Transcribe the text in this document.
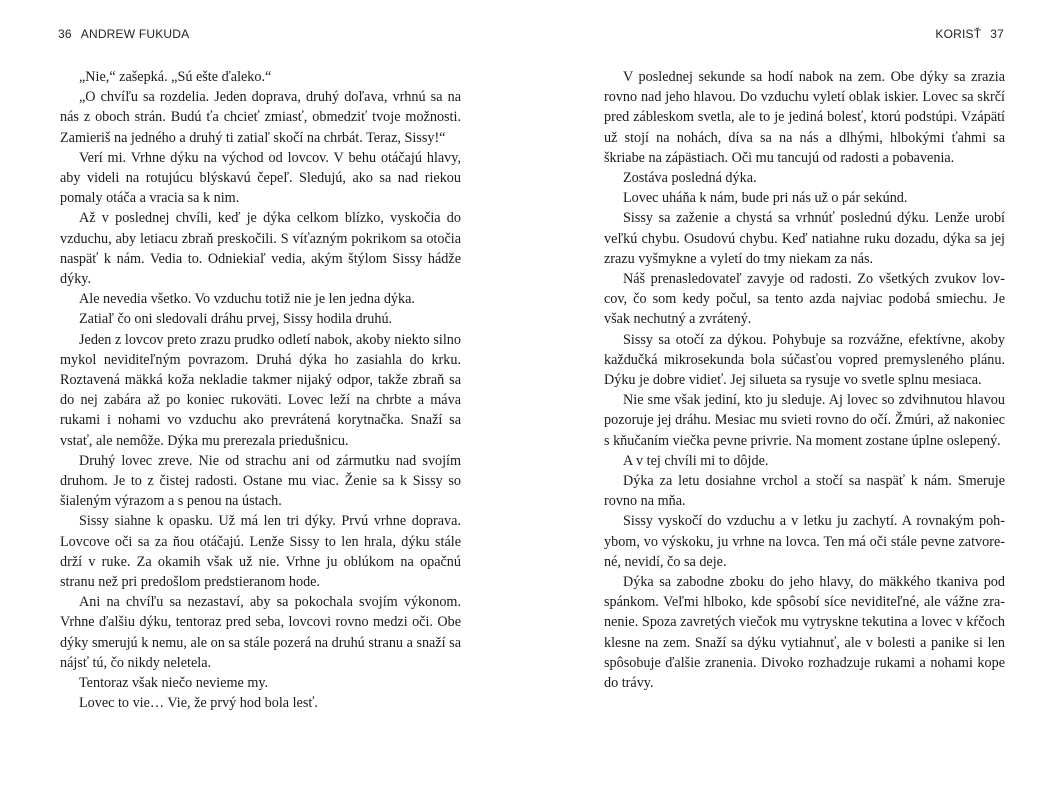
36 ANDREW FUKUDA	KORISŤ 37

„Nie,“ zašepká. „Sú ešte ďaleko.“

„O chvíľu sa rozdelia. Jeden doprava, druhý doľava, vrhnú sa na nás z oboch strán. Budú ťa chcieť zmiasť, obmedziť tvoje možnosti. Zamieriš na jedného a druhý ti zatiaľ skočí na chrbát. Teraz, Sissy!“

Verí mi. Vrhne dýku na východ od lovcov. V behu otáčajú hlavy, aby videli na rotujúcu blýskavú čepeľ. Sledujú, ako sa nad riekou pomaly otáča a vracia sa k nim.

Až v poslednej chvíli, keď je dýka celkom blízko, vyskočia do vzduchu, aby letiacu zbraň preskočili. S víťazným pokrikom sa otočia naspäť k nám. Vedia to. Odniekiaľ vedia, akým štýlom Sissy hádže dýky.

Ale nevedia všetko. Vo vzduchu totiž nie je len jedna dýka.

Zatiaľ čo oni sledovali dráhu prvej, Sissy hodila druhú.

Jeden z lovcov preto zrazu prudko odletí nabok, akoby niekto silno mykol neviditeľným povrazom. Druhá dýka ho zasiahla do krku. Roztavená mäkká koža nekladie takmer nijaký odpor, takže zbraň sa do nej zabára až po koniec rukoväti. Lovec leží na chrbte a máva rukami i nohami vo vzduchu ako prevrátená korytnačka. Snaží sa vstať, ale nemôže. Dýka mu prerezala priedušnicu.

Druhý lovec zreve. Nie od strachu ani od zármutku nad svojím druhom. Je to z čistej radosti. Ostane mu viac. Ženie sa k Sissy so šialeným výrazom a s penou na ústach.

Sissy siahne k opasku. Už má len tri dýky. Prvú vrhne doprava. Lovcove oči sa za ňou otáčajú. Lenže Sissy to len hrala, dýku stále drží v ruke. Za okamih však už nie. Vrhne ju oblúkom na opačnú stranu než pri predošlom predstieranom hode.

Ani na chvíľu sa nezastaví, aby sa pokochala svojím výkonom. Vrhne ďalšiu dýku, tentoraz pred seba, lovcovi rovno medzi oči. Obe dýky smerujú k nemu, ale on sa stále pozerá na druhú stranu a snaží sa nájsť tú, čo nikdy neletela.

Tentoraz však niečo nevieme my.

Lovec to vie… Vie, že prvý hod bola lesť.

V poslednej sekunde sa hodí nabok na zem. Obe dýky sa zrazia rovno nad jeho hlavou. Do vzduchu vyletí oblak iskier. Lovec sa skrčí pred zábleskom svetla, ale to je jediná bolesť, ktorú podstúpi. Vzápätí už stojí na nohách, díva sa na nás a dlhými, hlbokými ťahmi sa škriabe na zápästiach. Oči mu tancujú od radosti a pobavenia.

Zostáva posledná dýka.

Lovec uháňa k nám, bude pri nás už o pár sekúnd.

Sissy sa zaženie a chystá sa vrhnúť poslednú dýku. Lenže urobí veľkú chybu. Osudovú chybu. Keď natiahne ruku dozadu, dýka sa jej zrazu vyšmykne a vyletí do tmy niekam za nás.

Náš prenasledovateľ zavyje od radosti. Zo všetkých zvukov lovcov, čo som kedy počul, sa tento azda najviac podobá smiechu. Je však nechutný a zvrátený.

Sissy sa otočí za dýkou. Pohybuje sa rozvážne, efektívne, akoby každučká mikrosekunda bola súčasťou vopred premysleného plánu. Dýku je dobre vidieť. Jej silueta sa rysuje vo svetle splnu mesiaca.

Nie sme však jediní, kto ju sleduje. Aj lovec so zdvihnutou hlavou pozoruje jej dráhu. Mesiac mu svieti rovno do očí. Žmúri, až nakoniec s kňučaním viečka pevne privrie. Na moment zostane úplne oslepený.

A v tej chvíli mi to dôjde.

Dýka za letu dosiahne vrchol a stočí sa naspäť k nám. Smeruje rovno na mňa.

Sissy vyskočí do vzduchu a v letku ju zachytí. A rovnakým pohybom, vo výskoku, ju vrhne na lovca. Ten má oči stále pevne zatvorené, nevidí, čo sa deje.

Dýka sa zabodne zboku do jeho hlavy, do mäkkého tkaniva pod spánkom. Veľmi hlboko, kde spôsobí síce neviditeľné, ale vážne zranenie. Spoza zavretých viečok mu vytryskne tekutina a lovec v kŕčoch klesne na zem. Snaží sa dýku vytiahnuť, ale v bolesti a panike si len spôsobuje ďalšie zranenia. Divoko rozhadzuje rukami a nohami kope do trávy.
